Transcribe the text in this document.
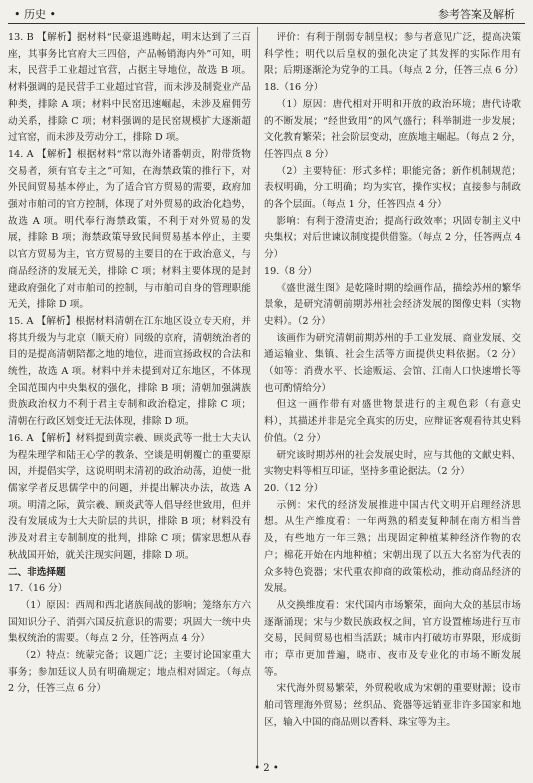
• 历史 •	参考答案及解析

13. B 【解析】据材料“民豪退逃畴起，明末达到了三百座，其事务比官府大三四倍，产品畅销海内外”可知，明末，民营手工业超过官营，占据主导地位，故选 B 项。材料强调的是民营手工业超过官营，而未涉及制瓷业产品种类，排除 A 项；材料中民窑迅速崛起，未涉及雇佣劳动关系，排除 C 项；材料强调的是民窑规模扩大逐渐超过官窑，而未涉及劳动分工，排除 D 项。

14. A 【解析】根据材料“常以海外诸番朝贡，附带货物交易者，须有官专主之”可知，在海禁政策的推行下，对外民间贸易基本停止，为了适合官方贸易的需要，政府加强对市舶司的官方控制，体现了对外贸易的政治化趋势，故选 A 项。明代奉行海禁政策，不利于对外贸易的发展，排除 B 项；海禁政策导致民间贸易基本停止，主要以官方贸易为主，官方贸易的主要目的在于政治意义，与商品经济的发展无关，排除 C 项；材料主要体现的是封建政府强化了对市舶司的控制，与市舶司自身的管理职能无关，排除 D 项。

15. A 【解析】根据材料清朝在江东地区设立专天府，并将其升级为与北京（顺天府）同级的京府，清朝统治者的目的是提高清朝陪都之地的地位，进而宣扬政权的合法和统性，故选 A 项。材料中并未提到对辽东地区，不体现全国范围内中央集权的强化，排除 B 项；清朝加强满族贵族政治权力不利于君主专制和政治稳定，排除 C 项；清朝在行政区划变迁无法体现，排除 D 项。

16. A 【解析】材料提到黄宗羲、顾炎武等一批士大夫认为程朱理学和陆王心学的教条、空谈是明朝覆亡的重要原因，并提倡实学，这说明明末清初的政治动荡，迫使一批儒家学者反思儒学中的问题，并提出解决办法，故选 A 项。明清之际，黄宗羲、顾炎武等人倡导经世致用，但并没有发展成为士大夫阶层的共识，排除 B 项；材料没有涉及对君主专制制度的批判，排除 C 项；儒家思想从春秋战国开始，就关注现实问题，排除 D 项。

二、非选择题

17.（16 分）

（1）原因：西周和西北诸族间战的影响；笼络东方六国知识分子、消弭六国反抗意识的需要；巩固大一统中央集权统治的需要。（每点 2 分，任答两点 4 分）

（2）特点：统蒙完备；议题广泛；主要讨论国家重大事务；参加廷议人员有明确规定；地点相对固定。（每点 2 分，任答三点 6 分）

评价：有利于削弱专制皇权；参与者意见广泛，提高决策科学性；明代以后皇权的强化决定了其发挥的实际作用有限；后期逐渐沦为党争的工具。（每点 2 分，任答三点 6 分）

18.（16 分）

（1）原因：唐代相对开明和开放的政治环境；唐代诗歌的不断发展；“经世致用”的风气盛行；科举制进一步发展；文化教育繁荣；社会阶层变动，庶族地主崛起。（每点 2 分，任答四点 8 分）

（2）主要特征：形式多样；职能完备；新作机制规范；表权明确，分工明确；均为实官，操作实权；直接参与制政的各个层面。（每点 1 分，任答四点 4 分）

影响：有利于澄清吏治；提高行政效率；巩固专制主义中央集权；对后世谏议制度提供借鉴。（每点 2 分，任答两点 4 分）

19.（8 分）

《盛世滋生图》是乾隆时期的绘画作品，描绘苏州的繁华景象，是研究清朝前期苏州社会经济发展的图像史料（实物史料）。（2 分）

该画作为研究清朝前期苏州的手工业发展、商业发展、交通运输业、集镇、社会生活等方面提供史料依据。（2 分）（如等：消费水平、长途贩运、会馆、江南人口快速增长等也可酌情给分）

但这一画作带有对盛世物景进行的主观色彩（有意史料），其描述并非是完全真实的历史，应辩证客观看待其史料价值。（2 分）

研究该时期苏州的社会发展史时，应与其他的文献史料、实物史料等相互印证，坚持多重论据法。（2 分）

20.（12 分）

示例：宋代的经济发展推进中国古代文明开启理经济思想。从生产维度看：一年两熟的稻麦复种制在南方相当普及，有些地方一年三熟；出现固定种植某种经济作物的农户；棉花开始在内地种植；宋朝出现了以五大名窑为代表的众多特色瓷器；宋代重农抑商的政策松动，推动商品经济的发展。

从交换维度看：宋代国内市场繁荣，面向大众的基层市场逐渐涌现；宋与少数民族政权之间，官方设置榷场进行互市交易，民间贸易也相当活跃；城市内打破坊市界限，形成街市；草市更加普遍，晓市、夜市及专业化的市场不断发展等。

宋代海外贸易繁荣，外贸税收成为宋朝的重要财源；设市舶司管理海外贸易；丝织品、瓷器等远销亚非许多国家和地区，输入中国的商品则以香料、珠宝等为主。

• 2 •
